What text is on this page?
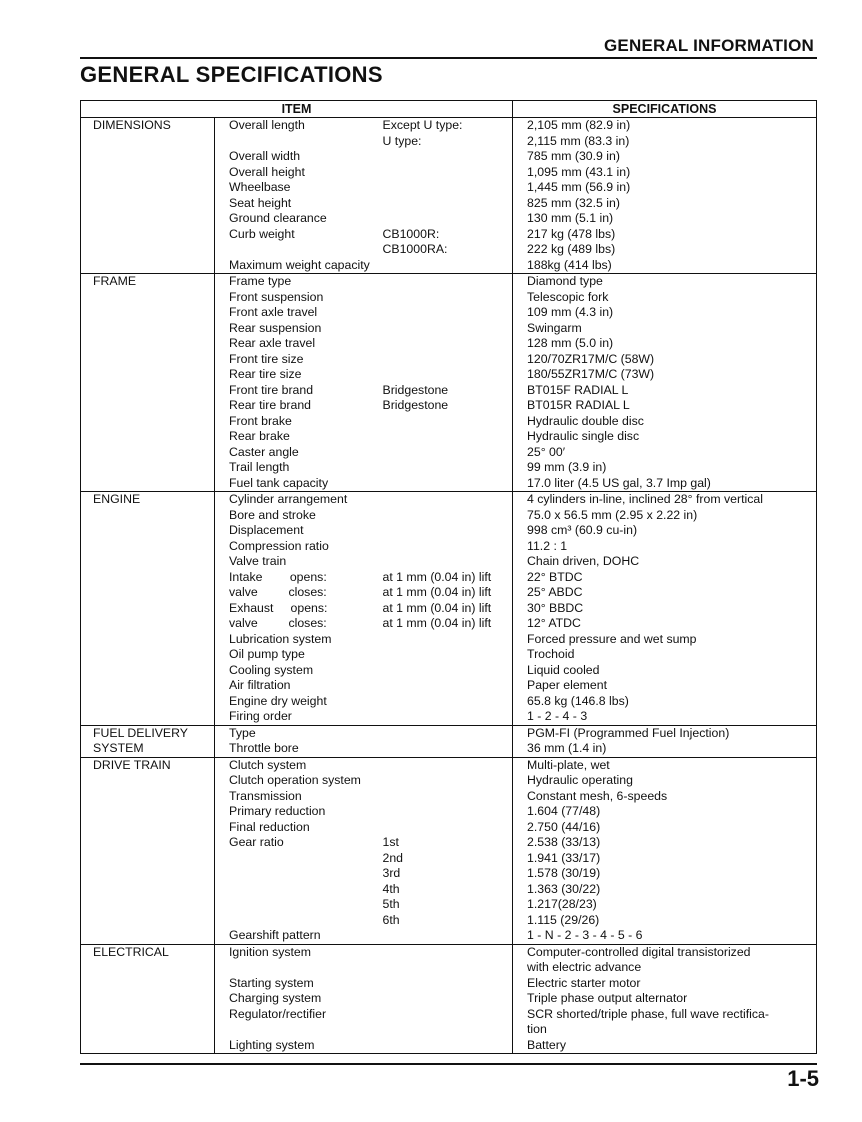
GENERAL INFORMATION
GENERAL SPECIFICATIONS
ITEM			SPECIFICATIONS
DIMENSIONS	Overall length	Except U type:	2,105 mm (82.9 in)
		U type:	2,115 mm (83.3 in)
	Overall width		785 mm (30.9 in)
	Overall height		1,095 mm (43.1 in)
	Wheelbase		1,445 mm (56.9 in)
	Seat height		825 mm (32.5 in)
	Ground clearance		130 mm (5.1 in)
	Curb weight	CB1000R:	217 kg (478 lbs)
		CB1000RA:	222 kg (489 lbs)
	Maximum weight capacity		188kg (414 lbs)
FRAME	Frame type		Diamond type
	Front suspension		Telescopic fork
	Front axle travel		109 mm (4.3 in)
	Rear suspension		Swingarm
	Rear axle travel		128 mm (5.0 in)
	Front tire size		120/70ZR17M/C (58W)
	Rear tire size		180/55ZR17M/C (73W)
	Front tire brand	Bridgestone	BT015F RADIAL L
	Rear tire brand	Bridgestone	BT015R RADIAL L
	Front brake		Hydraulic double disc
	Rear brake		Hydraulic single disc
	Caster angle		25° 00′
	Trail length		99 mm (3.9 in)
	Fuel tank capacity		17.0 liter (4.5 US gal, 3.7 Imp gal)
ENGINE	Cylinder arrangement		4 cylinders in-line, inclined 28° from vertical
	Bore and stroke		75.0 x 56.5 mm (2.95 x 2.22 in)
	Displacement		998 cm³ (60.9 cu-in)
	Compression ratio		11.2 : 1
	Valve train		Chain driven, DOHC
	Intake        opens:	at 1 mm (0.04 in) lift	22° BTDC
	valve         closes:	at 1 mm (0.04 in) lift	25° ABDC
	Exhaust     opens:	at 1 mm (0.04 in) lift	30° BBDC
	valve         closes:	at 1 mm (0.04 in) lift	12° ATDC
	Lubrication system		Forced pressure and wet sump
	Oil pump type		Trochoid
	Cooling system		Liquid cooled
	Air filtration		Paper element
	Engine dry weight		65.8 kg (146.8 lbs)
	Firing order		1 - 2 - 4 - 3
FUEL DELIVERY	Type		PGM-FI (Programmed Fuel Injection)
SYSTEM	Throttle bore		36 mm (1.4 in)
DRIVE TRAIN	Clutch system		Multi-plate, wet
	Clutch operation system		Hydraulic operating
	Transmission		Constant mesh, 6-speeds
	Primary reduction		1.604 (77/48)
	Final reduction		2.750 (44/16)
	Gear ratio	1st	2.538 (33/13)
		2nd	1.941 (33/17)
		3rd	1.578 (30/19)
		4th	1.363 (30/22)
		5th	1.217(28/23)
		6th	1.115 (29/26)
	Gearshift pattern		1 - N - 2 - 3 - 4 - 5 - 6
ELECTRICAL	Ignition system		Computer-controlled digital transistorized
			with electric advance
	Starting system		Electric starter motor
	Charging system		Triple phase output alternator
	Regulator/rectifier		SCR shorted/triple phase, full wave rectifica-
			tion
	Lighting system		Battery
1-5
